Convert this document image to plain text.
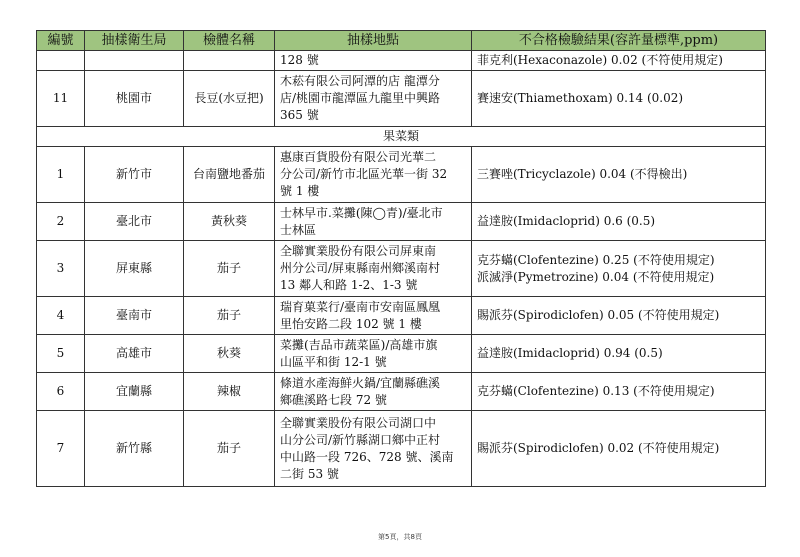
編號	抽樣衛生局	檢體名稱	抽樣地點	不合格檢驗結果(容許量標準,ppm)

			128 號	菲克利(Hexaconazole) 0.02 (不符使用規定)

11	桃園市	長豆(水豆把)	木菘有限公司阿潭的店 龍潭分
店/桃園市龍潭區九龍里中興路
365 號	賽速安(Thiamethoxam) 0.14 (0.02)

果菜類				
1	新竹市	台南鹽地番茄	惠康百貨股份有限公司光華二
分公司/新竹市北區光華一街 32
號 1 樓	三賽唑(Tricyclazole) 0.04 (不得檢出)

2	臺北市	黃秋葵	士林早市.菜攤(陳◯青)/臺北市
士林區	益達胺(Imidacloprid) 0.6 (0.5)

3	屏東縣	茄子	全聯實業股份有限公司屏東南
州分公司/屏東縣南州鄉溪南村
13 鄰人和路 1-2、1-3 號	克芬蟎(Clofentezine) 0.25 (不符使用規定)
派滅淨(Pymetrozine) 0.04 (不符使用規定)

4	臺南市	茄子	瑞育菓菜行/臺南市安南區鳳凰
里怡安路二段 102 號 1 樓	賜派芬(Spirodiclofen) 0.05 (不符使用規定)

5	高雄市	秋葵	菜攤(吉品市蔬菜區)/高雄市旗
山區平和街 12-1 號	益達胺(Imidacloprid) 0.94 (0.5)

6	宜蘭縣	辣椒	條道水產海鮮火鍋/宜蘭縣礁溪
鄉礁溪路七段 72 號	克芬蟎(Clofentezine) 0.13 (不符使用規定)

7	新竹縣	茄子	全聯實業股份有限公司湖口中
山分公司/新竹縣湖口鄉中正村
中山路一段 726、728 號、溪南
二街 53 號	賜派芬(Spirodiclofen) 0.02 (不符使用規定)
第5頁，共8頁
